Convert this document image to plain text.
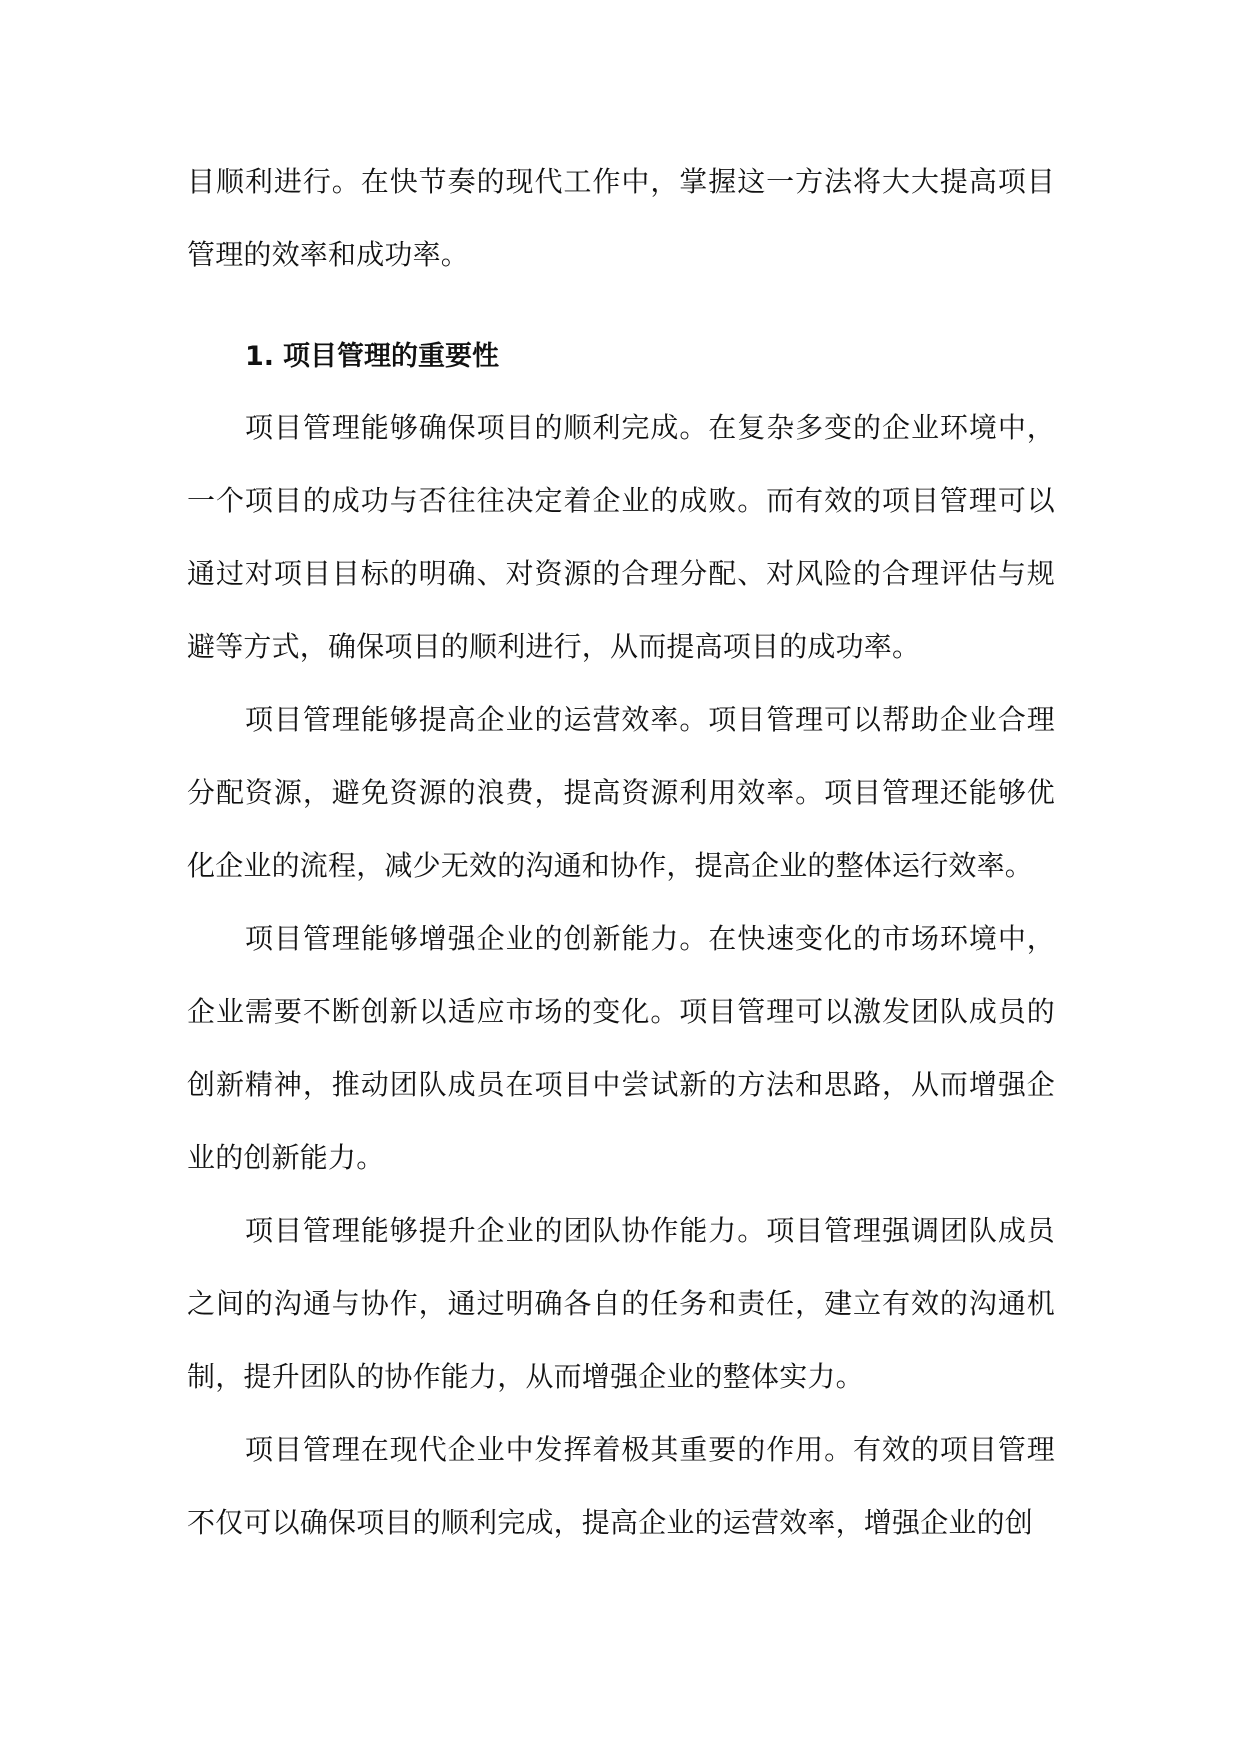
目顺利进行。在快节奏的现代工作中，掌握这一方法将大大提高项目管理的效率和成功率。

1. 项目管理的重要性

项目管理能够确保项目的顺利完成。在复杂多变的企业环境中，一个项目的成功与否往往决定着企业的成败。而有效的项目管理可以通过对项目目标的明确、对资源的合理分配、对风险的合理评估与规避等方式，确保项目的顺利进行，从而提高项目的成功率。

项目管理能够提高企业的运营效率。项目管理可以帮助企业合理分配资源，避免资源的浪费，提高资源利用效率。项目管理还能够优化企业的流程，减少无效的沟通和协作，提高企业的整体运行效率。

项目管理能够增强企业的创新能力。在快速变化的市场环境中，企业需要不断创新以适应市场的变化。项目管理可以激发团队成员的创新精神，推动团队成员在项目中尝试新的方法和思路，从而增强企业的创新能力。

项目管理能够提升企业的团队协作能力。项目管理强调团队成员之间的沟通与协作，通过明确各自的任务和责任，建立有效的沟通机制，提升团队的协作能力，从而增强企业的整体实力。

项目管理在现代企业中发挥着极其重要的作用。有效的项目管理不仅可以确保项目的顺利完成，提高企业的运营效率，增强企业的创
